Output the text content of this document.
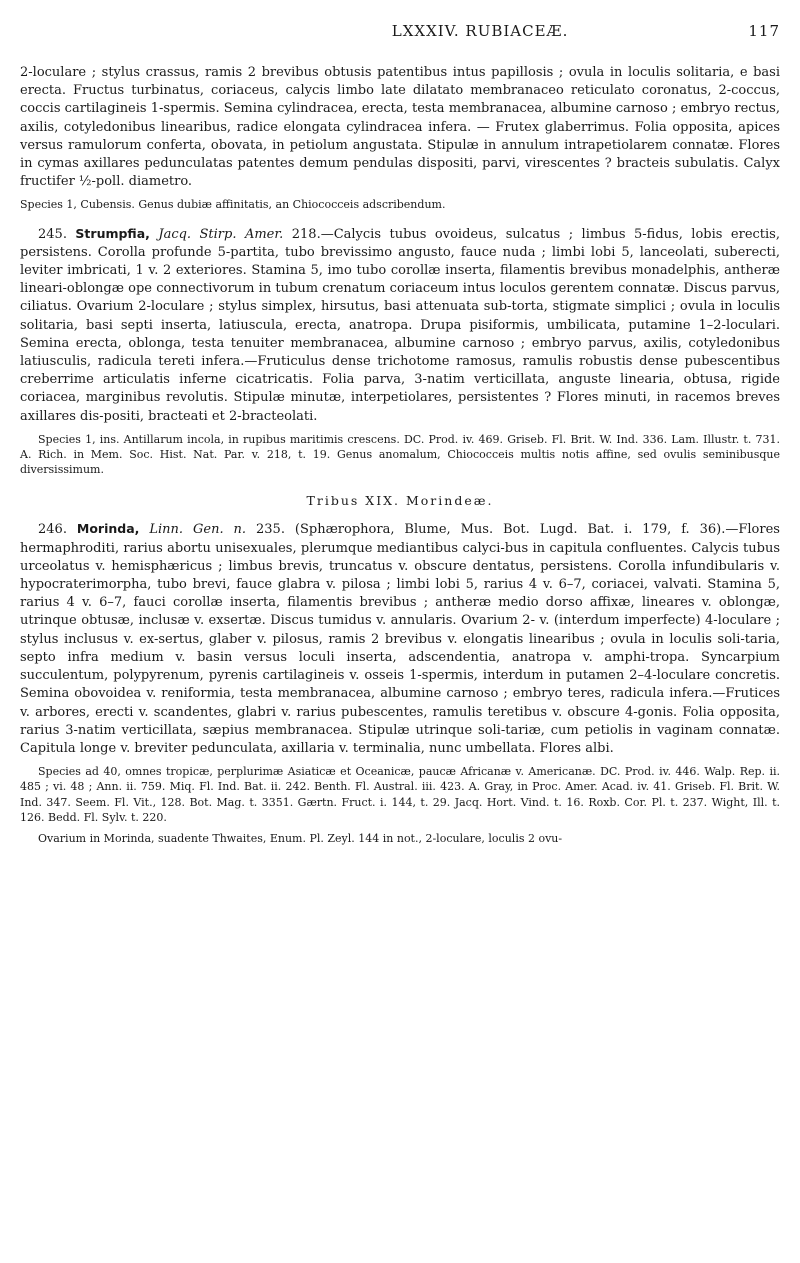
LXXXIV. RUBIACEÆ.	117

2-loculare ; stylus crassus, ramis 2 brevibus obtusis patentibus intus papillosis ; ovula in loculis solitaria, e basi erecta. Fructus turbinatus, coriaceus, calycis limbo late dilatato membranaceo reticulato coronatus, 2-coccus, coccis cartilagineis 1-spermis. Semina cylindracea, erecta, testa membranacea, albumine carnoso ; embryo rectus, axilis, cotyledonibus linearibus, radice elongata cylindracea infera. — Frutex glaberrimus. Folia opposita, apices versus ramulorum conferta, obovata, in petiolum angustata. Stipulæ in annulum intrapetiolarem connatæ. Flores in cymas axillares pedunculatas patentes demum pendulas dispositi, parvi, virescentes ? bracteis subulatis. Calyx fructifer ½-poll. diametro.

Species 1, Cubensis. Genus dubiæ affinitatis, an Chiococceis adscribendum.

245. Strumpfia, Jacq. Stirp. Amer. 218.—Calycis tubus ovoideus, sulcatus ; limbus 5-fidus, lobis erectis, persistens. Corolla profunde 5-partita, tubo brevissimo angusto, fauce nuda ; limbi lobi 5, lanceolati, suberecti, leviter imbricati, 1 v. 2 exteriores. Stamina 5, imo tubo corollæ inserta, filamentis brevibus monadelphis, antheræ lineari-oblongæ ope connectivorum in tubum crenatum coriaceum intus loculos gerentem connatæ. Discus parvus, ciliatus. Ovarium 2-loculare ; stylus simplex, hirsutus, basi attenuata sub-torta, stigmate simplici ; ovula in loculis solitaria, basi septi inserta, latiuscula, erecta, anatropa. Drupa pisiformis, umbilicata, putamine 1–2-loculari. Semina erecta, oblonga, testa tenuiter membranacea, albumine carnoso ; embryo parvus, axilis, cotyledonibus latiusculis, radicula tereti infera.—Fruticulus dense trichotome ramosus, ramulis robustis dense pubescentibus creberrime articulatis inferne cicatricatis. Folia parva, 3-natim verticillata, anguste linearia, obtusa, rigide coriacea, marginibus revolutis. Stipulæ minutæ, interpetiolares, persistentes ? Flores minuti, in racemos breves axillares dis-positi, bracteati et 2-bracteolati.

Species 1, ins. Antillarum incola, in rupibus maritimis crescens. DC. Prod. iv. 469. Griseb. Fl. Brit. W. Ind. 336. Lam. Illustr. t. 731. A. Rich. in Mem. Soc. Hist. Nat. Par. v. 218, t. 19. Genus anomalum, Chiococceis multis notis affine, sed ovulis seminibusque diversissimum.

Tribus XIX. Morindeæ.

246. Morinda, Linn. Gen. n. 235. (Sphærophora, Blume, Mus. Bot. Lugd. Bat. i. 179, f. 36).—Flores hermaphroditi, rarius abortu unisexuales, plerumque mediantibus calyci-bus in capitula confluentes. Calycis tubus urceolatus v. hemisphæricus ; limbus brevis, truncatus v. obscure dentatus, persistens. Corolla infundibularis v. hypocraterimorpha, tubo brevi, fauce glabra v. pilosa ; limbi lobi 5, rarius 4 v. 6–7, coriacei, valvati. Stamina 5, rarius 4 v. 6–7, fauci corollæ inserta, filamentis brevibus ; antheræ medio dorso affixæ, lineares v. oblongæ, utrinque obtusæ, inclusæ v. exsertæ. Discus tumidus v. annularis. Ovarium 2- v. (interdum imperfecte) 4-loculare ; stylus inclusus v. ex-sertus, glaber v. pilosus, ramis 2 brevibus v. elongatis linearibus ; ovula in loculis soli-taria, septo infra medium v. basin versus loculi inserta, adscendentia, anatropa v. amphi-tropa. Syncarpium succulentum, polypyrenum, pyrenis cartilagineis v. osseis 1-spermis, interdum in putamen 2–4-loculare concretis. Semina obovoidea v. reniformia, testa membranacea, albumine carnoso ; embryo teres, radicula infera.—Frutices v. arbores, erecti v. scandentes, glabri v. rarius pubescentes, ramulis teretibus v. obscure 4-gonis. Folia opposita, rarius 3-natim verticillata, sæpius membranacea. Stipulæ utrinque soli-tariæ, cum petiolis in vaginam connatæ. Capitula longe v. breviter pedunculata, axillaria v. terminalia, nunc umbellata. Flores albi.

Species ad 40, omnes tropicæ, perplurimæ Asiaticæ et Oceanicæ, paucæ Africanæ v. Americanæ. DC. Prod. iv. 446. Walp. Rep. ii. 485 ; vi. 48 ; Ann. ii. 759. Miq. Fl. Ind. Bat. ii. 242. Benth. Fl. Austral. iii. 423. A. Gray, in Proc. Amer. Acad. iv. 41. Griseb. Fl. Brit. W. Ind. 347. Seem. Fl. Vit., 128. Bot. Mag. t. 3351. Gærtn. Fruct. i. 144, t. 29. Jacq. Hort. Vind. t. 16. Roxb. Cor. Pl. t. 237. Wight, Ill. t. 126. Bedd. Fl. Sylv. t. 220.

Ovarium in Morinda, suadente Thwaites, Enum. Pl. Zeyl. 144 in not., 2-loculare, loculis 2 ovu-
